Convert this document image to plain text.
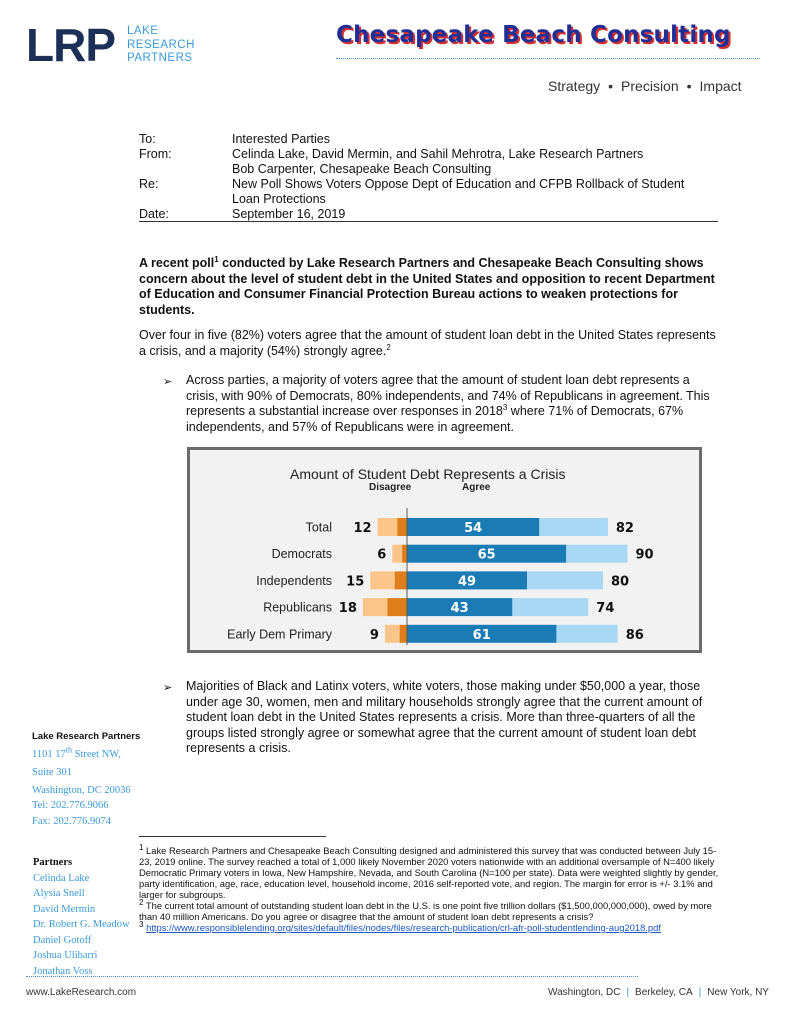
LRP LAKE
RESEARCH
PARTNERS
Chesapeake Beach Consulting
Strategy • Precision • Impact
To:	Interested Parties
From:	Celinda Lake, David Mermin, and Sahil Mehrotra, Lake Research Partners
Bob Carpenter, Chesapeake Beach Consulting
Re:	New Poll Shows Voters Oppose Dept of Education and CFPB Rollback of Student
Loan Protections
Date:	September 16, 2019
A recent poll$^1$ conducted by Lake Research Partners and Chesapeake Beach Consulting shows concern about the level of student debt in the United States and opposition to recent Department of Education and Consumer Financial Protection Bureau actions to weaken protections for students.
Over four in five (82%) voters agree that the amount of student loan debt in the United States represents a crisis, and a majority (54%) strongly agree.$^2$
➢ Across parties, a majority of voters agree that the amount of student loan debt represents a crisis, with 90% of Democrats, 80% independents, and 74% of Republicans in agreement. This represents a substantial increase over responses in 2018$^3$ where 71% of Democrats, 67% independents, and 57% of Republicans were in agreement.
Amount of Student Debt Represents a Crisis
Disagree	Agree
Total 12	54	82
Democrats	6	65	90
Independents 15	49	80
Republicans 18	43	74
Early Dem Primary	9	61	86
➢ Majorities of Black and Latinx voters, white voters, those making under $50,000 a year, those under age 30, women, men and military households strongly agree that the current amount of student loan debt in the United States represents a crisis. More than three-quarters of all the groups listed strongly agree or somewhat agree that the current amount of student loan debt represents a crisis.
Lake Research Partners
1101 17th Street NW,
Suite 301
Washington, DC 20036
Tel: 202.776.9066
Fax: 202.776.9074
Partners
Celinda Lake
Alysia Snell
David Mermin
Dr. Robert G. Meadow
Daniel Gotoff
Joshua Ulibarri
Jonathan Voss
$^1$ Lake Research Partners and Chesapeake Beach Consulting designed and administered this survey that was conducted between July 15-23, 2019 online. The survey reached a total of 1,000 likely November 2020 voters nationwide with an additional oversample of N=400 likely Democratic Primary voters in Iowa, New Hampshire, Nevada, and South Carolina (N=100 per state). Data were weighted slightly by gender, party identification, age, race, education level, household income, 2016 self-reported vote, and region. The margin for error is +/- 3.1% and larger for subgroups.
$^2$ The current total amount of outstanding student loan debt in the U.S. is one point five trillion dollars ($1,500,000,000,000), owed by more than 40 million Americans. Do you agree or disagree that the amount of student loan debt represents a crisis?
$^3$ https://www.responsiblelending.org/sites/default/files/nodes/files/research-publication/crl-afr-poll-studentlending-aug2018.pdf
www.LakeResearch.com	Washington, DC | Berkeley, CA | New York, NY
